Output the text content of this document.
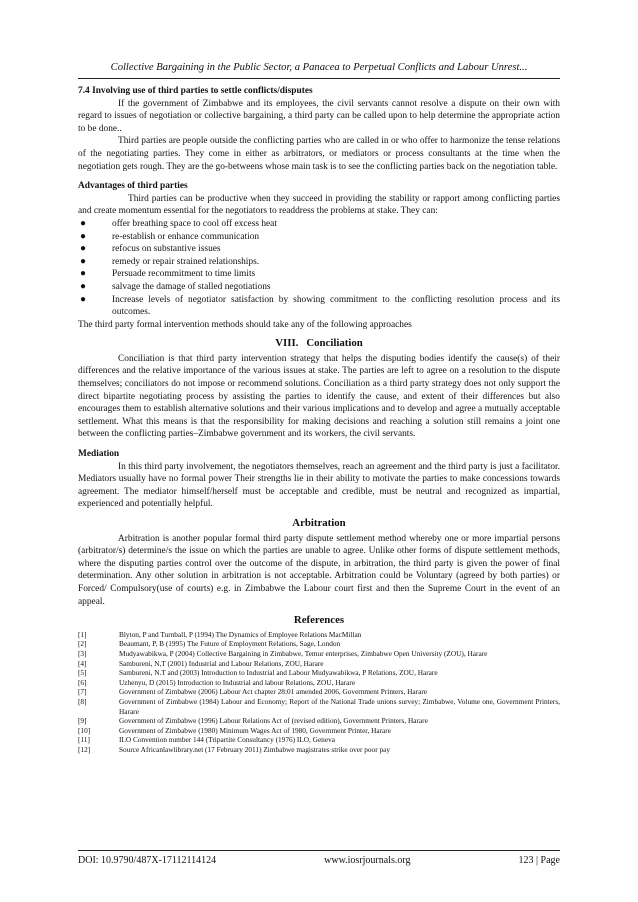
Collective Bargaining in the Public Sector, a Panacea to Perpetual Conflicts and Labour Unrest...
7.4 Involving use of third parties to settle conflicts/disputes

If the government of Zimbabwe and its employees, the civil servants cannot resolve a dispute on their own with regard to issues of negotiation or collective bargaining, a third party can be called upon to help determine the appropriate action to be done..

Third parties are people outside the conflicting parties who are called in or who offer to harmonize the tense relations of the negotiating parties. They come in either as arbitrators, or mediators or process consultants at the time when the negotiation gets rough. They are the go-betweens whose main task is to see the conflicting parties back on the negotiation table.

Advantages of third parties

Third parties can be productive when they succeed in providing the stability or rapport among conflicting parties and create momentum essential for the negotiators to readdress the problems at stake. They can:

●	offer breathing space to cool off excess heat
●	re-establish or enhance communication
●	refocus on substantive issues
●	remedy or repair strained relationships.
●	Persuade recommitment to time limits
●	salvage the damage of stalled negotiations
●	Increase levels of negotiator satisfaction by showing commitment to the conflicting resolution process and its outcomes.

The third party formal intervention methods should take any of the following approaches

VIII. Conciliation

Conciliation is that third party intervention strategy that helps the disputing bodies identify the cause(s) of their differences and the relative importance of the various issues at stake. The parties are left to agree on a resolution to the dispute themselves; conciliators do not impose or recommend solutions. Conciliation as a third party strategy does not only support the direct bipartite negotiating process by assisting the parties to identify the cause, and extent of their differences but also encourages them to establish alternative solutions and their various implications and to develop and agree a mutually acceptable settlement. What this means is that the responsibility for making decisions and reaching a solution still remains a joint one between the conflicting parties–Zimbabwe government and its workers, the civil servants.

Mediation

In this third party involvement, the negotiators themselves, reach an agreement and the third party is just a facilitator. Mediators usually have no formal power Their strengths lie in their ability to motivate the parties to make concessions towards agreement. The mediator himself/herself must be acceptable and credible, must be neutral and recognized as impartial, experienced and potentially helpful.

Arbitration

Arbitration is another popular formal third party dispute settlement method whereby one or more impartial persons (arbitrator/s) determine/s the issue on which the parties are unable to agree. Unlike other forms of dispute settlement methods, where the disputing parties control over the outcome of the dispute, in arbitration, the third party is given the power of final determination. Any other solution in arbitration is not acceptable. Arbitration could be Voluntary (agreed by both parties) or Forced/ Compulsory(use of courts) e.g. in Zimbabwe the Labour court first and then the Supreme Court in the event of an appeal.

References
[1]	Blyton, P and Turnball, P (1994) The Dynamics of Employee Relations MacMillan
[2]	Beaumant, P, B (1995) The Future of Employment Relations, Sage, London
[3]	Mudyawabikwa, P (2004) Collective Bargaining in Zimbabwe, Temur enterprises, Zimbabwe Open University (ZOU), Harare
[4]	Sambureni, N,T (2001) Industrial and Labour Relations, ZOU, Harare
[5]	Sambureni, N.T and (2003) Introduction to Industrial and Labour Mudyawabikwa, P Relations, ZOU, Harare
[6]	Uzhenyu, D (2015) Introduction to Industrial and labour Relations, ZOU, Harare
[7]	Government of Zimbabwe (2006) Labour Act chapter 28:01 amended 2006, Government Printers, Harare
[8]	Government of Zimbabwe (1984) Labour and Economy; Report of the National Trade unions survey; Zimbabwe, Volume one, Government Printers, Harare
[9]	Government of Zimbabwe (1996) Labour Relations Act of (revised edition), Government Printers, Harare
[10]	Government of Zimbabwe (1980) Minimum Wages Act of 1980, Government Printer, Harare
[11]	ILO Convention number 144 (Tripartite Consultancy (1976) ILO, Geneva
[12]	Source Africanlawlibrary.net (17 February 2011) Zimbabwe magistrates strike over poor pay
DOI: 10.9790/487X-17112114124	www.iosrjournals.org	123 | Page
